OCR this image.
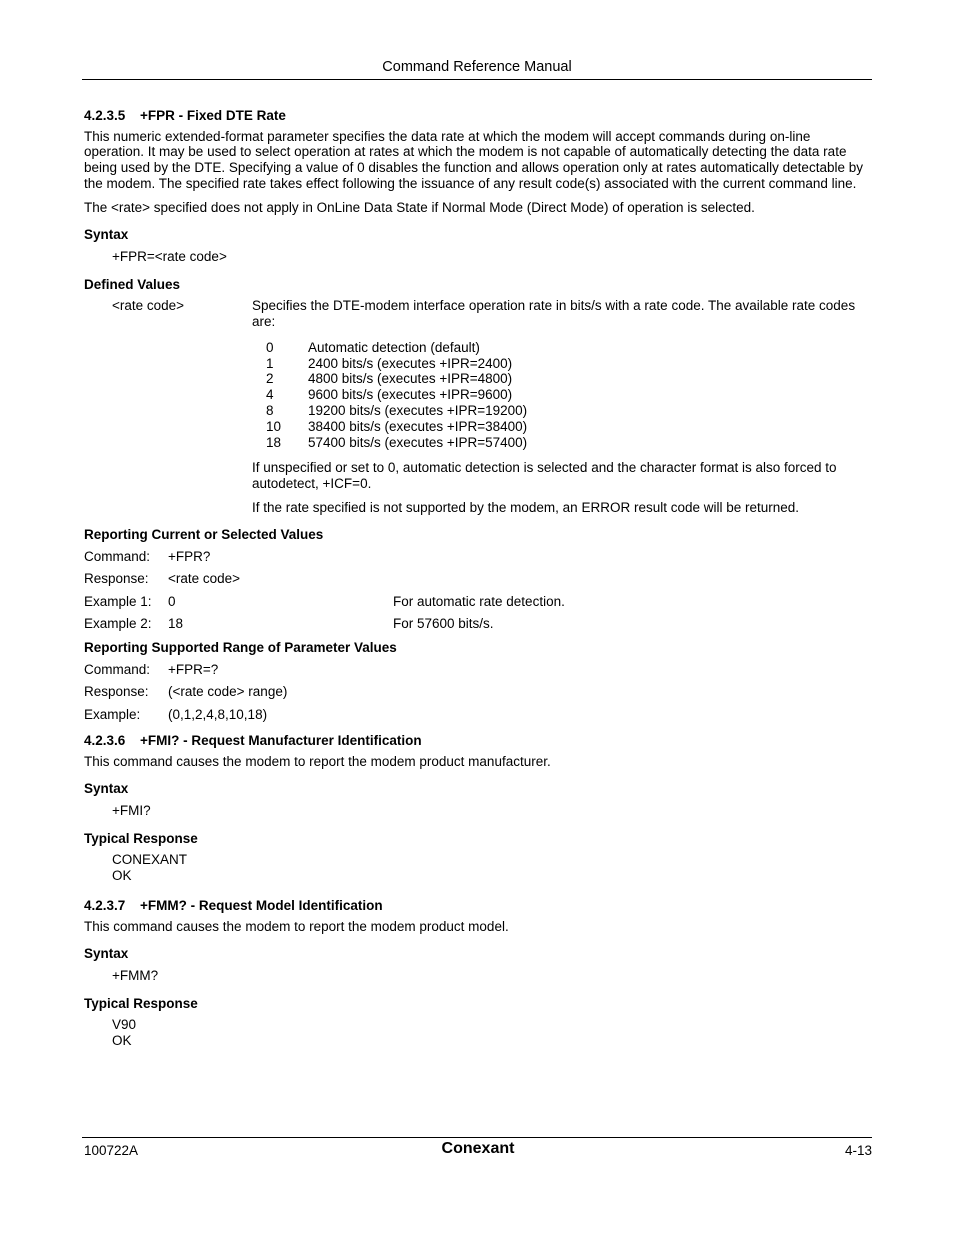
Command Reference Manual
4.2.3.5 +FPR - Fixed DTE Rate

This numeric extended-format parameter specifies the data rate at which the modem will accept commands during on-line operation. It may be used to select operation at rates at which the modem is not capable of automatically detecting the data rate being used by the DTE. Specifying a value of 0 disables the function and allows operation only at rates automatically detectable by the modem. The specified rate takes effect following the issuance of any result code(s) associated with the current command line.

The <rate> specified does not apply in OnLine Data State if Normal Mode (Direct Mode) of operation is selected.

Syntax
+FPR=<rate code>
Defined Values
<rate code>	Specifies the DTE-modem interface operation rate in bits/s with a rate code. The available rate codes are:
0	Automatic detection (default)
1	2400 bits/s (executes +IPR=2400)
2	4800 bits/s (executes +IPR=4800)
4	9600 bits/s (executes +IPR=9600)
8	19200 bits/s (executes +IPR=19200)
10	38400 bits/s (executes +IPR=38400)
18	57400 bits/s (executes +IPR=57400)

If unspecified or set to 0, automatic detection is selected and the character format is also forced to autodetect, +ICF=0.

If the rate specified is not supported by the modem, an ERROR result code will be returned.

Reporting Current or Selected Values
Command: +FPR?
Response: <rate code>
Example 1: 0	For automatic rate detection.
Example 2: 18	For 57600 bits/s.
Reporting Supported Range of Parameter Values
Command: +FPR=?
Response: (<rate code> range)
Example: (0,1,2,4,8,10,18)
4.2.3.6 +FMI? - Request Manufacturer Identification

This command causes the modem to report the modem product manufacturer.

Syntax
+FMI?
Typical Response
CONEXANT
OK
4.2.3.7 +FMM? - Request Model Identification

This command causes the modem to report the modem product model.

Syntax
+FMM?
Typical Response
V90
OK
100722A	Conexant	4-13
